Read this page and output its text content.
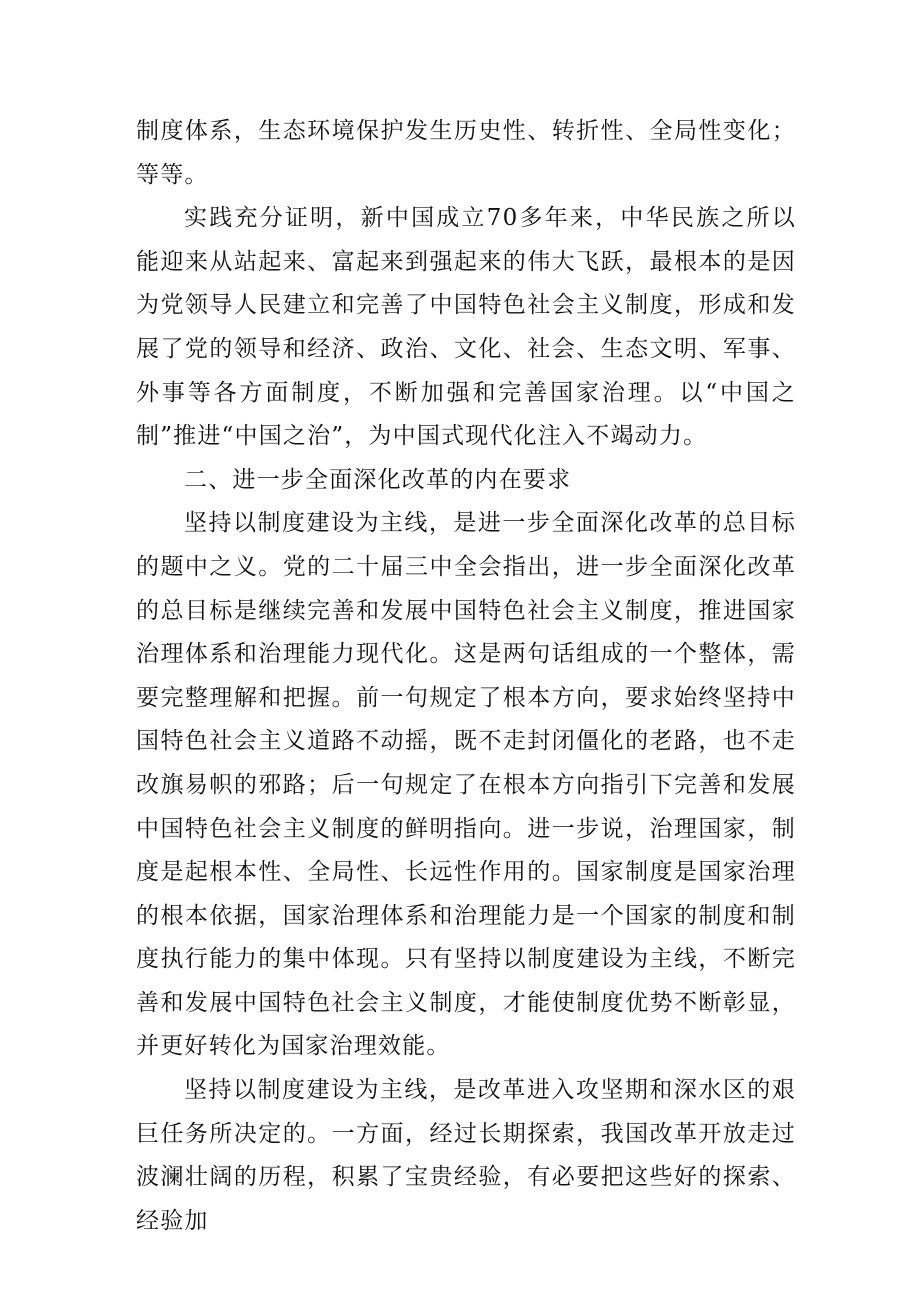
制度体系，生态环境保护发生历史性、转折性、全局性变化；等等。

实践充分证明，新中国成立70多年来，中华民族之所以能迎来从站起来、富起来到强起来的伟大飞跃，最根本的是因为党领导人民建立和完善了中国特色社会主义制度，形成和发展了党的领导和经济、政治、文化、社会、生态文明、军事、外事等各方面制度，不断加强和完善国家治理。以“中国之制”推进“中国之治”，为中国式现代化注入不竭动力。

二、进一步全面深化改革的内在要求

坚持以制度建设为主线，是进一步全面深化改革的总目标的题中之义。党的二十届三中全会指出，进一步全面深化改革的总目标是继续完善和发展中国特色社会主义制度，推进国家治理体系和治理能力现代化。这是两句话组成的一个整体，需要完整理解和把握。前一句规定了根本方向，要求始终坚持中国特色社会主义道路不动摇，既不走封闭僵化的老路，也不走改旗易帜的邪路；后一句规定了在根本方向指引下完善和发展中国特色社会主义制度的鲜明指向。进一步说，治理国家，制度是起根本性、全局性、长远性作用的。国家制度是国家治理的根本依据，国家治理体系和治理能力是一个国家的制度和制度执行能力的集中体现。只有坚持以制度建设为主线，不断完善和发展中国特色社会主义制度，才能使制度优势不断彰显，并更好转化为国家治理效能。

坚持以制度建设为主线，是改革进入攻坚期和深水区的艰巨任务所决定的。一方面，经过长期探索，我国改革开放走过波澜壮阔的历程，积累了宝贵经验，有必要把这些好的探索、经验加
